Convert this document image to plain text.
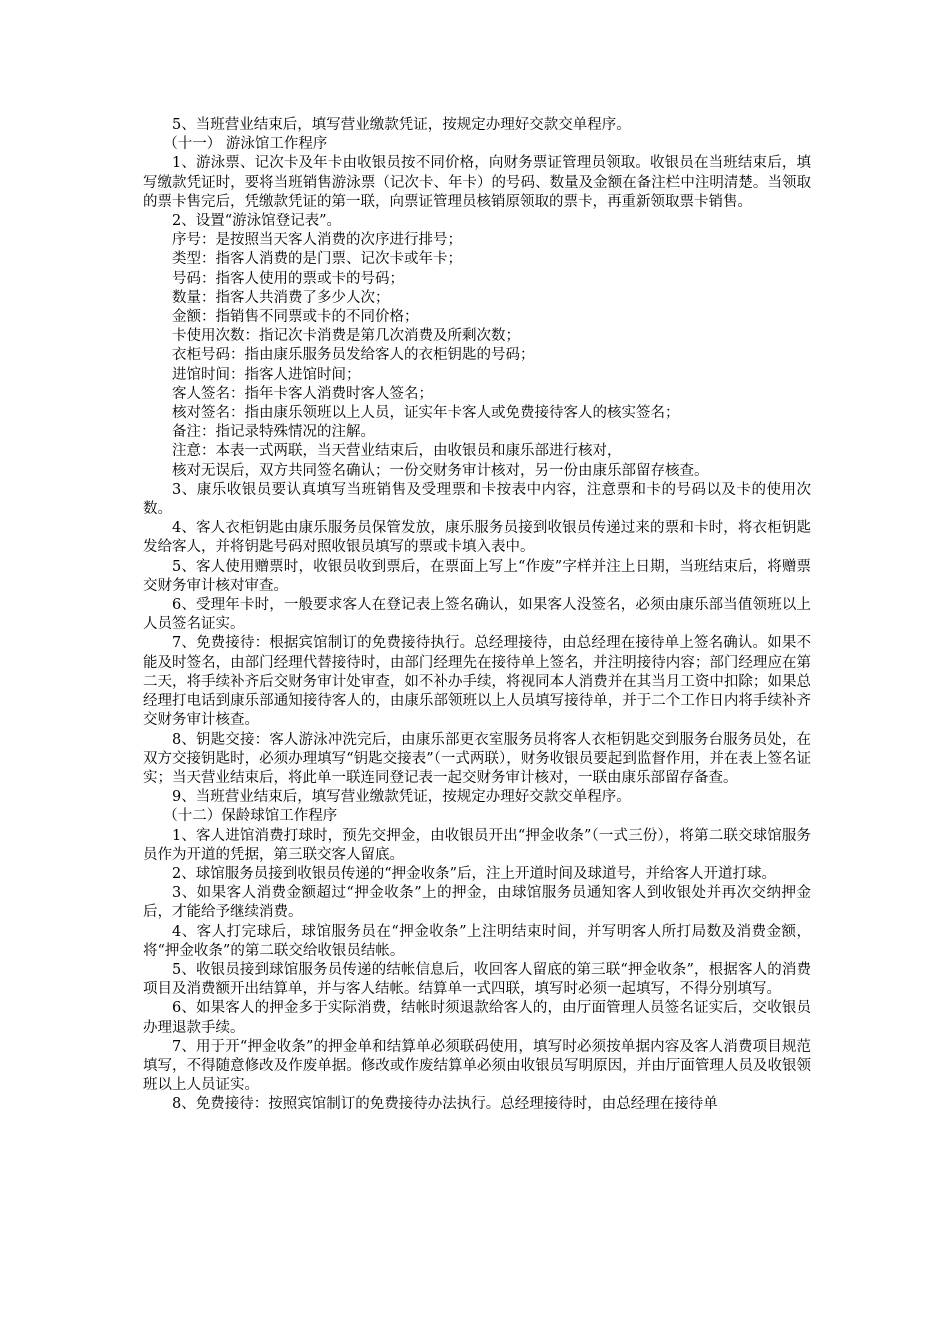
5、当班营业结束后，填写营业缴款凭证，按规定办理好交款交单程序。

（十一） 游泳馆工作程序

1、游泳票、记次卡及年卡由收银员按不同价格，向财务票证管理员领取。收银员在当班结束后，填写缴款凭证时，要将当班销售游泳票（记次卡、年卡）的号码、数量及金额在备注栏中注明清楚。当领取的票卡售完后，凭缴款凭证的第一联，向票证管理员核销原领取的票卡，再重新领取票卡销售。

2、设置“游泳馆登记表”。

序号：是按照当天客人消费的次序进行排号；

类型：指客人消费的是门票、记次卡或年卡；

号码：指客人使用的票或卡的号码；

数量：指客人共消费了多少人次；

金额：指销售不同票或卡的不同价格；

卡使用次数：指记次卡消费是第几次消费及所剩次数；

衣柜号码：指由康乐服务员发给客人的衣柜钥匙的号码；

进馆时间：指客人进馆时间；

客人签名：指年卡客人消费时客人签名；

核对签名：指由康乐领班以上人员，证实年卡客人或免费接待客人的核实签名；

备注：指记录特殊情况的注解。

注意：本表一式两联，当天营业结束后，由收银员和康乐部进行核对，

核对无误后，双方共同签名确认；一份交财务审计核对，另一份由康乐部留存核查。

3、康乐收银员要认真填写当班销售及受理票和卡按表中内容，注意票和卡的号码以及卡的使用次数。

4、客人衣柜钥匙由康乐服务员保管发放，康乐服务员接到收银员传递过来的票和卡时，将衣柜钥匙发给客人，并将钥匙号码对照收银员填写的票或卡填入表中。

5、客人使用赠票时，收银员收到票后，在票面上写上“作废”字样并注上日期，当班结束后，将赠票交财务审计核对审查。

6、受理年卡时，一般要求客人在登记表上签名确认，如果客人没签名，必须由康乐部当值领班以上人员签名证实。

7、免费接待：根据宾馆制订的免费接待执行。总经理接待，由总经理在接待单上签名确认。如果不能及时签名，由部门经理代替接待时，由部门经理先在接待单上签名，并注明接待内容；部门经理应在第二天，将手续补齐后交财务审计处审查，如不补办手续，将视同本人消费并在其当月工资中扣除；如果总经理打电话到康乐部通知接待客人的，由康乐部领班以上人员填写接待单，并于二个工作日内将手续补齐交财务审计核查。

8、钥匙交接：客人游泳冲洗完后，由康乐部更衣室服务员将客人衣柜钥匙交到服务台服务员处，在双方交接钥匙时，必须办理填写“钥匙交接表”（一式两联），财务收银员要起到监督作用，并在表上签名证实；当天营业结束后，将此单一联连同登记表一起交财务审计核对，一联由康乐部留存备查。

9、当班营业结束后，填写营业缴款凭证，按规定办理好交款交单程序。

（十二）保龄球馆工作程序

1、客人进馆消费打球时，预先交押金，由收银员开出“押金收条”（一式三份），将第二联交球馆服务员作为开道的凭据，第三联交客人留底。

2、球馆服务员接到收银员传递的“押金收条”后，注上开道时间及球道号，并给客人开道打球。

3、如果客人消费金额超过“押金收条”上的押金，由球馆服务员通知客人到收银处并再次交纳押金后，才能给予继续消费。

4、客人打完球后，球馆服务员在“押金收条”上注明结束时间，并写明客人所打局数及消费金额，将“押金收条”的第二联交给收银员结帐。

5、收银员接到球馆服务员传递的结帐信息后，收回客人留底的第三联“押金收条”，根据客人的消费项目及消费额开出结算单，并与客人结帐。结算单一式四联，填写时必须一起填写，不得分别填写。

6、如果客人的押金多于实际消费，结帐时须退款给客人的，由厅面管理人员签名证实后，交收银员办理退款手续。

7、用于开“押金收条”的押金单和结算单必须联码使用，填写时必须按单据内容及客人消费项目规范填写，不得随意修改及作废单据。修改或作废结算单必须由收银员写明原因，并由厅面管理人员及收银领班以上人员证实。

8、免费接待：按照宾馆制订的免费接待办法执行。总经理接待时，由总经理在接待单
